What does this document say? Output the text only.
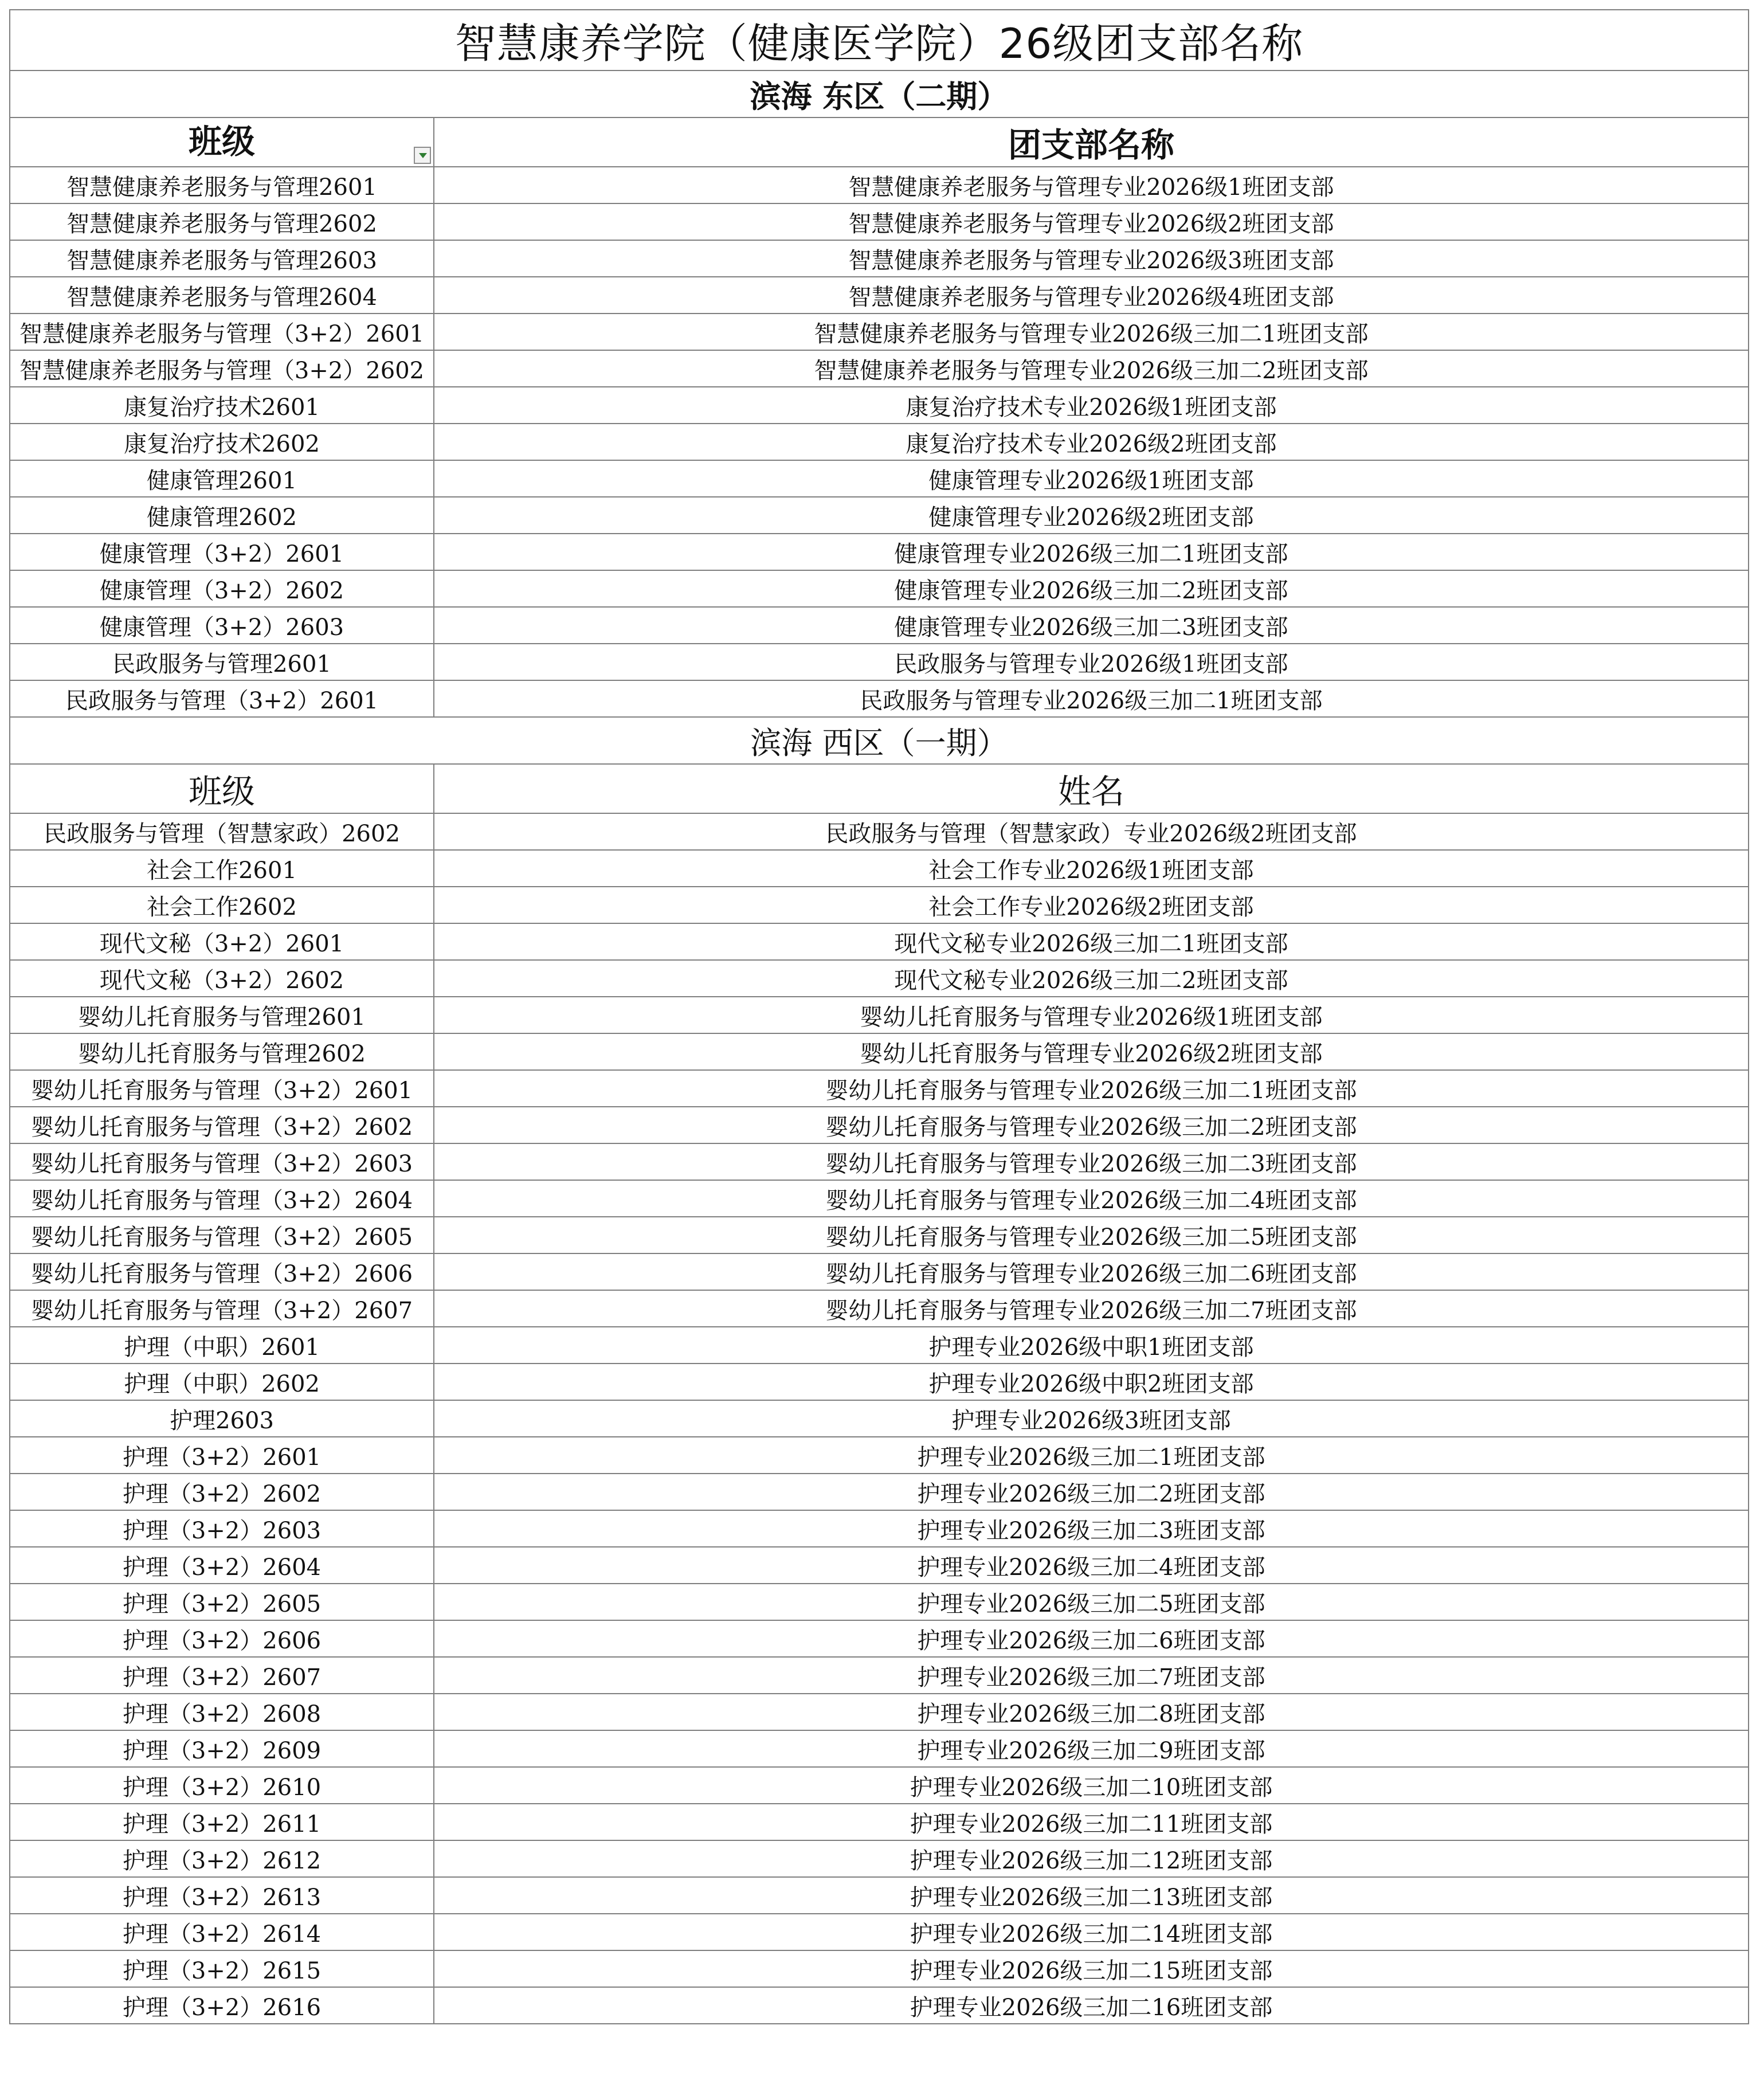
智慧康养学院（健康医学院）26级团支部名称	
滨海 东区（二期）	

班级	团支部名称
智慧健康养老服务与管理2601	智慧健康养老服务与管理专业2026级1班团支部
智慧健康养老服务与管理2602	智慧健康养老服务与管理专业2026级2班团支部
智慧健康养老服务与管理2603	智慧健康养老服务与管理专业2026级3班团支部
智慧健康养老服务与管理2604	智慧健康养老服务与管理专业2026级4班团支部
智慧健康养老服务与管理（3+2）2601	智慧健康养老服务与管理专业2026级三加二1班团支部
智慧健康养老服务与管理（3+2）2602	智慧健康养老服务与管理专业2026级三加二2班团支部
康复治疗技术2601	康复治疗技术专业2026级1班团支部
康复治疗技术2602	康复治疗技术专业2026级2班团支部
健康管理2601	健康管理专业2026级1班团支部
健康管理2602	健康管理专业2026级2班团支部
健康管理（3+2）2601	健康管理专业2026级三加二1班团支部
健康管理（3+2）2602	健康管理专业2026级三加二2班团支部
健康管理（3+2）2603	健康管理专业2026级三加二3班团支部
民政服务与管理2601	民政服务与管理专业2026级1班团支部
民政服务与管理（3+2）2601	民政服务与管理专业2026级三加二1班团支部
滨海 西区（一期）	
班级	姓名
民政服务与管理（智慧家政）2602	民政服务与管理（智慧家政）专业2026级2班团支部
社会工作2601	社会工作专业2026级1班团支部
社会工作2602	社会工作专业2026级2班团支部
现代文秘（3+2）2601	现代文秘专业2026级三加二1班团支部
现代文秘（3+2）2602	现代文秘专业2026级三加二2班团支部
婴幼儿托育服务与管理2601	婴幼儿托育服务与管理专业2026级1班团支部
婴幼儿托育服务与管理2602	婴幼儿托育服务与管理专业2026级2班团支部
婴幼儿托育服务与管理（3+2）2601	婴幼儿托育服务与管理专业2026级三加二1班团支部
婴幼儿托育服务与管理（3+2）2602	婴幼儿托育服务与管理专业2026级三加二2班团支部
婴幼儿托育服务与管理（3+2）2603	婴幼儿托育服务与管理专业2026级三加二3班团支部
婴幼儿托育服务与管理（3+2）2604	婴幼儿托育服务与管理专业2026级三加二4班团支部
婴幼儿托育服务与管理（3+2）2605	婴幼儿托育服务与管理专业2026级三加二5班团支部
婴幼儿托育服务与管理（3+2）2606	婴幼儿托育服务与管理专业2026级三加二6班团支部
婴幼儿托育服务与管理（3+2）2607	婴幼儿托育服务与管理专业2026级三加二7班团支部
护理（中职）2601	护理专业2026级中职1班团支部
护理（中职）2602	护理专业2026级中职2班团支部
护理2603	护理专业2026级3班团支部
护理（3+2）2601	护理专业2026级三加二1班团支部
护理（3+2）2602	护理专业2026级三加二2班团支部
护理（3+2）2603	护理专业2026级三加二3班团支部
护理（3+2）2604	护理专业2026级三加二4班团支部
护理（3+2）2605	护理专业2026级三加二5班团支部
护理（3+2）2606	护理专业2026级三加二6班团支部
护理（3+2）2607	护理专业2026级三加二7班团支部
护理（3+2）2608	护理专业2026级三加二8班团支部
护理（3+2）2609	护理专业2026级三加二9班团支部
护理（3+2）2610	护理专业2026级三加二10班团支部
护理（3+2）2611	护理专业2026级三加二11班团支部
护理（3+2）2612	护理专业2026级三加二12班团支部
护理（3+2）2613	护理专业2026级三加二13班团支部
护理（3+2）2614	护理专业2026级三加二14班团支部
护理（3+2）2615	护理专业2026级三加二15班团支部
护理（3+2）2616	护理专业2026级三加二16班团支部
